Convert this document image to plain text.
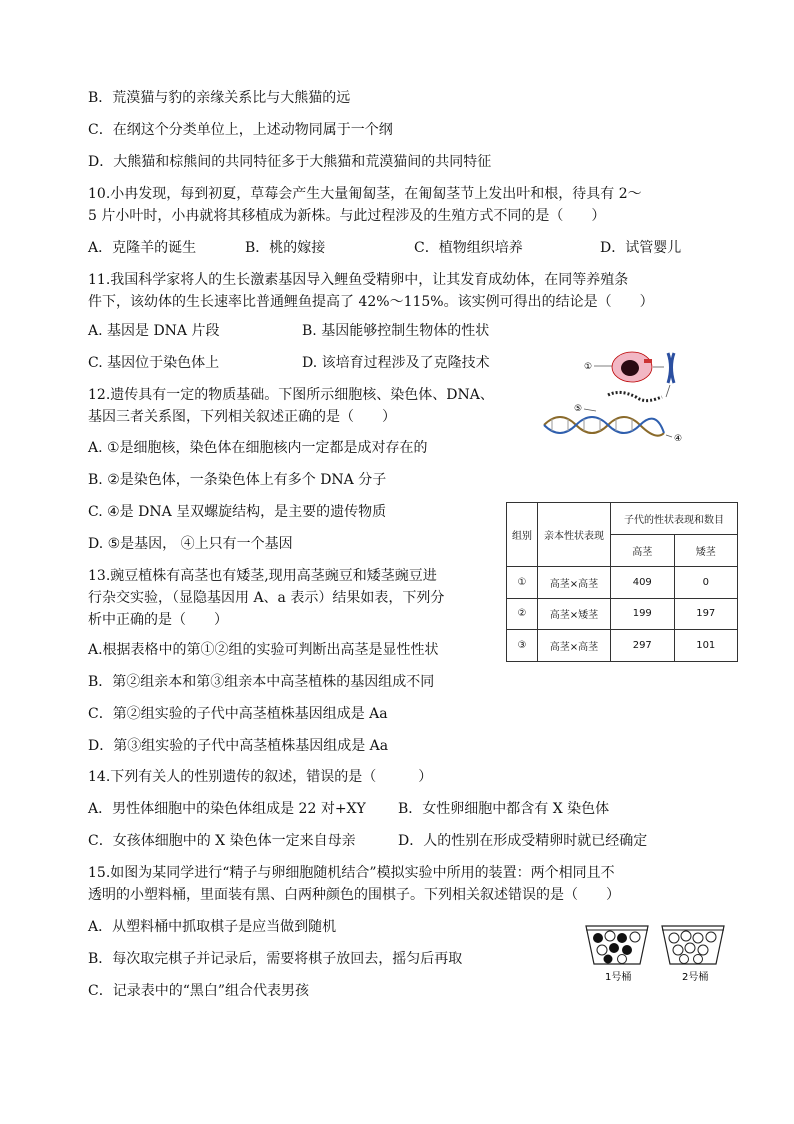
B．荒漠猫与豹的亲缘关系比与大熊猫的远
C．在纲这个分类单位上，上述动物同属于一个纲
D．大熊猫和棕熊间的共同特征多于大熊猫和荒漠猫间的共同特征
10.小冉发现，每到初夏，草莓会产生大量匍匐茎，在匍匐茎节上发出叶和根，待具有 2～
5 片小叶时，小冉就将其移植成为新株。与此过程涉及的生殖方式不同的是（　　）
A．克隆羊的诞生	B．桃的嫁接	C．植物组织培养	D．试管婴儿
11.我国科学家将人的生长激素基因导入鲤鱼受精卵中，让其发育成幼体，在同等养殖条
件下，该幼体的生长速率比普通鲤鱼提高了 42%～115%。该实例可得出的结论是（　　）
A. 基因是 DNA 片段	B. 基因能够控制生物体的性状
C. 基因位于染色体上	D. 该培育过程涉及了克隆技术
12.遗传具有一定的物质基础。下图所示细胞核、染色体、DNA、
基因三者关系图，下列相关叙述正确的是（　　）
A. ①是细胞核，染色体在细胞核内一定都是成对存在的
B. ②是染色体，一条染色体上有多个 DNA 分子
C. ④是 DNA 呈双螺旋结构，是主要的遗传物质
D. ⑤是基因， ④上只有一个基因
13.豌豆植株有高茎也有矮茎,现用高茎豌豆和矮茎豌豆进
行杂交实验，（显隐基因用 A、a 表示）结果如表，下列分
析中正确的是（　　）
A.根据表格中的第①②组的实验可判断出高茎是显性性状
B．第②组亲本和第③组亲本中高茎植株的基因组成不同
C．第②组实验的子代中高茎植株基因组成是 Aa
D．第③组实验的子代中高茎植株基因组成是 Aa
14.下列有关人的性别遗传的叙述，错误的是（　　　）
A．男性体细胞中的染色体组成是 22 对+XY B．女性卵细胞中都含有 X 染色体
C．女孩体细胞中的 X 染色体一定来自母亲	D．人的性别在形成受精卵时就已经确定
15.如图为某同学进行“精子与卵细胞随机结合”模拟实验中所用的装置：两个相同且不
透明的小塑料桶，里面装有黑、白两种颜色的围棋子。下列相关叙述错误的是（　　）
A．从塑料桶中抓取棋子是应当做到随机
B．每次取完棋子并记录后，需要将棋子放回去，摇匀后再取
C．记录表中的“黑白”组合代表男孩
①
⑤
④
组别	亲本性状表现	子代的性状表现和数目	
		高茎	矮茎
①	高茎×高茎	409	0
②	高茎×矮茎	199	197
③	高茎×高茎	297	101
1号桶	2号桶
